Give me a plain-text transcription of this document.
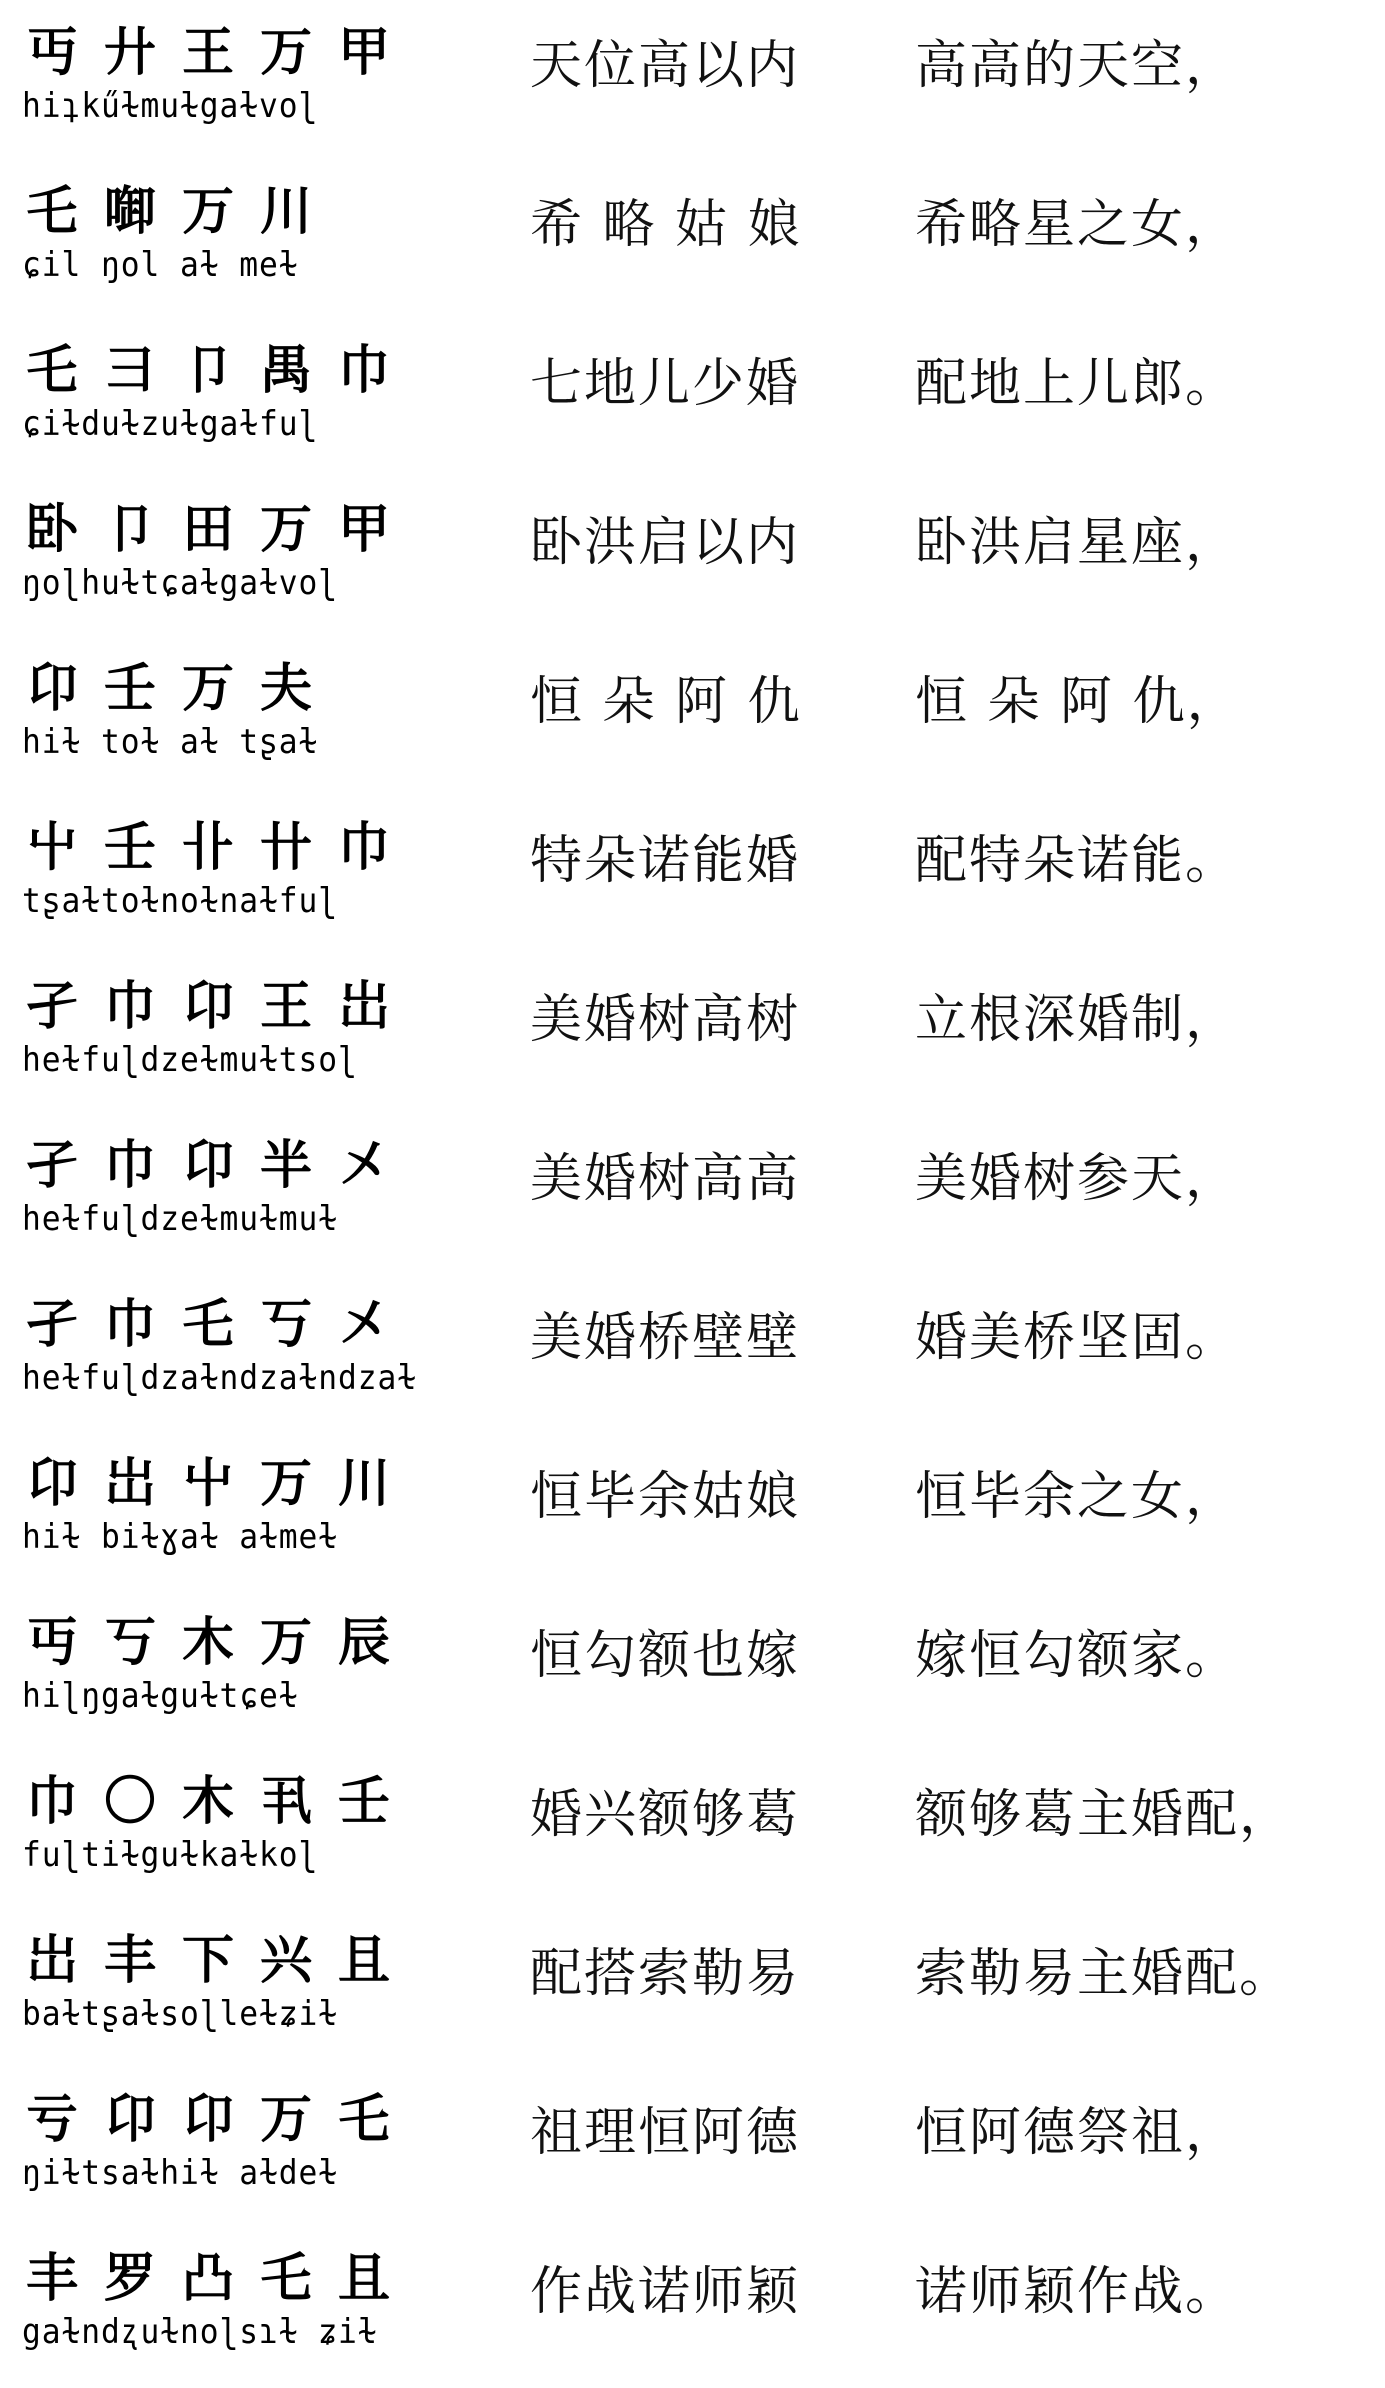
丏 廾 王 万 甲
hiʇkűɫmuɫgaɫvoɭ
天位高以内 高高的天空，
乇 啣 万 川
ɕil ŋol aɫ meɫ
希 略 姑 娘 希略星之女，
乇 彐 卩 禺 巾
ɕiɫduɫzuɫgaɫfuɭ
七地儿少婚 配地上儿郎。
卧 卩 田 万 甲
ŋoɭhuɫtɕaɫgaɫvoɭ
卧洪启以内 卧洪启星座，
卬 壬 万 夫
hiɫ toɫ aɫ tʂaɫ
恒 朵 阿 仇 恒 朵 阿 仇，
屮 壬 卝 卄 巾
tʂaɫtoɫnoɫnaɫfuɭ
特朵诺能婚 配特朵诺能。
孑 巾 卬 王 岀
heɫfuɭdzeɫmuɫtsoɭ
美婚树高树 立根深婚制，
孑 巾 卬 半 㐅
heɫfuɭdzeɫmuɫmuɫ
美婚树高高 美婚树参天，
孑 巾 乇 丂 㐅
heɫfuɭdzaɫndzaɫndzaɫ
美婚桥壁壁 婚美桥坚固。
卬 岀 屮 万 川
hiɫ biɫɣaɫ aɫmeɫ
恒毕余姑娘 恒毕余之女，
丏 丂 木 万 辰
hiɭŋgaɫguɫtɕeɫ
恒勾额也嫁 嫁恒勾额家。
巾 〇 木 丮 壬
fuɭtiɫguɫkaɫkoɭ
婚兴额够葛 额够葛主婚配，
岀 丰 下 兴 且
baɫtʂaɫsoɭleɫʑiɫ
配搭索勒易 索勒易主婚配。
亏 卬 卬 万 乇
ŋiɫtsaɫhiɫ aɫdeɫ
祖理恒阿德 恒阿德祭祖，
丰 罗 凸 乇 且
gaɫndʐuɫnoɭsɿɫ ʑiɫ
作战诺师颖 诺师颖作战。
